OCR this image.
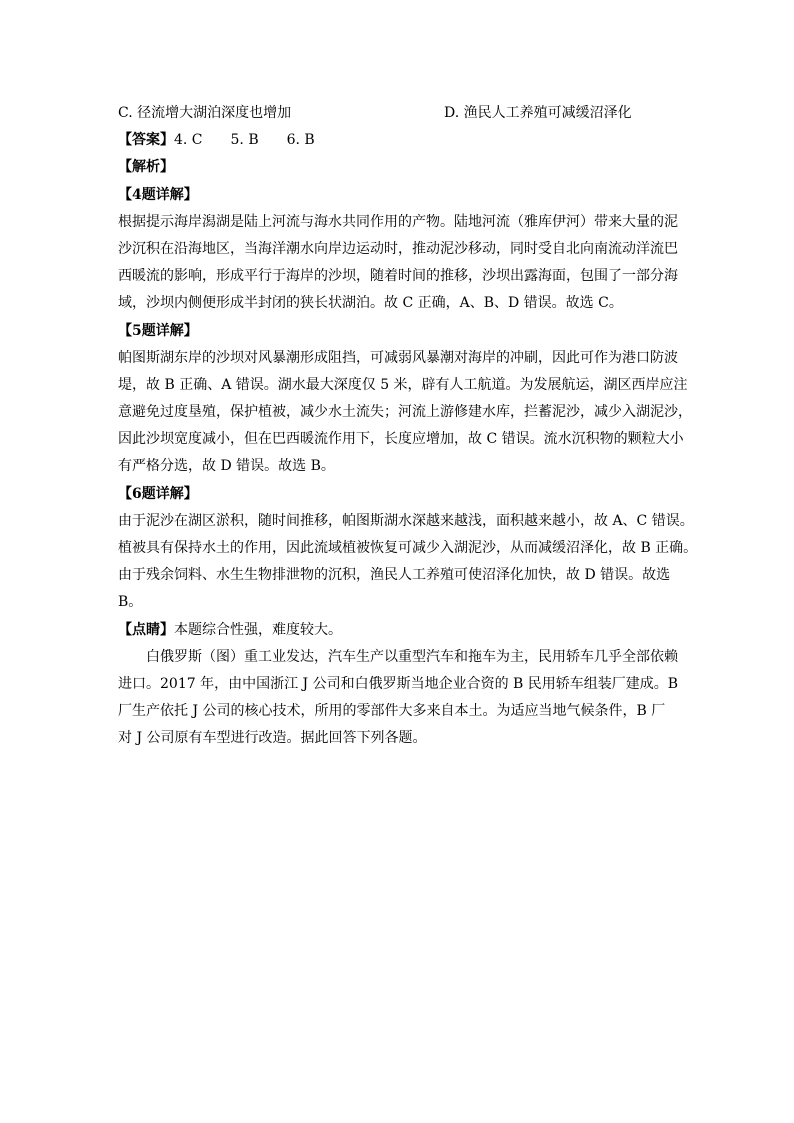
C. 径流增大湖泊深度也增加	D. 渔民人工养殖可减缓沼泽化
【答案】4. C　　5. B　　6. B
【解析】
【4题详解】
根据提示海岸潟湖是陆上河流与海水共同作用的产物。陆地河流（雅库伊河）带来大量的泥
沙沉积在沿海地区，当海洋潮水向岸边运动时，推动泥沙移动，同时受自北向南流动洋流巴
西暖流的影响，形成平行于海岸的沙坝，随着时间的推移，沙坝出露海面，包围了一部分海
域，沙坝内侧便形成半封闭的狭长状湖泊。故 C 正确，A、B、D 错误。故选 C。
【5题详解】
帕图斯湖东岸的沙坝对风暴潮形成阻挡，可减弱风暴潮对海岸的冲刷，因此可作为港口防波
堤，故 B 正确、A 错误。湖水最大深度仅 5 米，辟有人工航道。为发展航运，湖区西岸应注
意避免过度垦殖，保护植被，减少水土流失；河流上游修建水库，拦蓄泥沙，减少入湖泥沙，
因此沙坝宽度减小，但在巴西暖流作用下，长度应增加，故 C 错误。流水沉积物的颗粒大小
有严格分选，故 D 错误。故选 B。
【6题详解】
由于泥沙在湖区淤积，随时间推移，帕图斯湖水深越来越浅，面积越来越小，故 A、C 错误。
植被具有保持水土的作用，因此流域植被恢复可减少入湖泥沙，从而减缓沼泽化，故 B 正确。
由于残余饲料、水生生物排泄物的沉积，渔民人工养殖可使沼泽化加快，故 D 错误。故选
B。
【点睛】本题综合性强，难度较大。
白俄罗斯（图）重工业发达，汽车生产以重型汽车和拖车为主，民用轿车几乎全部依赖
进口。2017 年，由中国浙江 J 公司和白俄罗斯当地企业合资的 B 民用轿车组装厂建成。B
厂生产依托 J 公司的核心技术，所用的零部件大多来自本土。为适应当地气候条件，B 厂
对 J 公司原有车型进行改造。据此回答下列各题。
